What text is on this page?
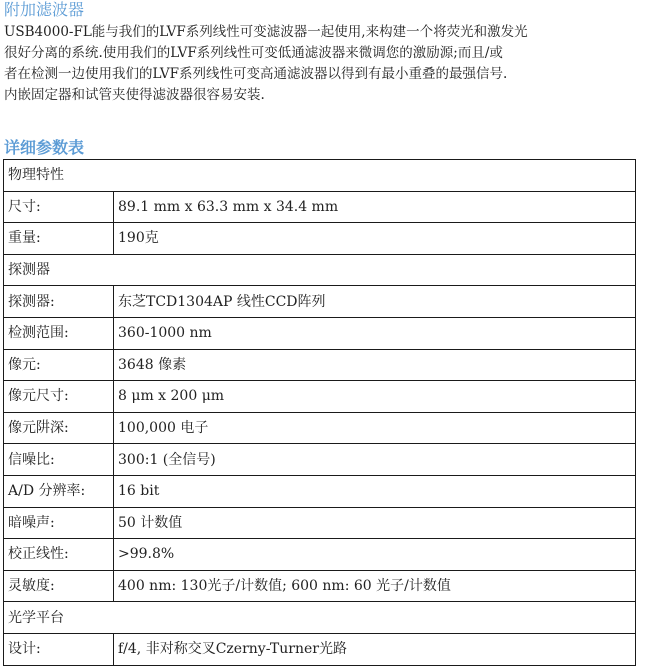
附加滤波器
USB4000-FL能与我们的LVF系列线性可变滤波器一起使用,来构建一个将荧光和激发光
很好分离的系统.使用我们的LVF系列线性可变低通滤波器来微调您的激励源;而且/或
者在检测一边使用我们的LVF系列线性可变高通滤波器以得到有最小重叠的最强信号.
内嵌固定器和试管夹使得滤波器很容易安装.
详细参数表
物理特性	
尺寸:	89.1 mm x 63.3 mm x 34.4 mm
重量:	190克
探测器	
探测器:	东芝TCD1304AP 线性CCD阵列
检测范围:	360-1000 nm
像元:	3648 像素
像元尺寸:	8 μm x 200 μm
像元阱深:	100,000 电子
信噪比:	300:1 (全信号)
A/D 分辨率:	16 bit
暗噪声:	50 计数值
校正线性:	>99.8%
灵敏度:	400 nm: 130光子/计数值; 600 nm: 60 光子/计数值
光学平台	
设计:	f/4, 非对称交叉Czerny-Turner光路
